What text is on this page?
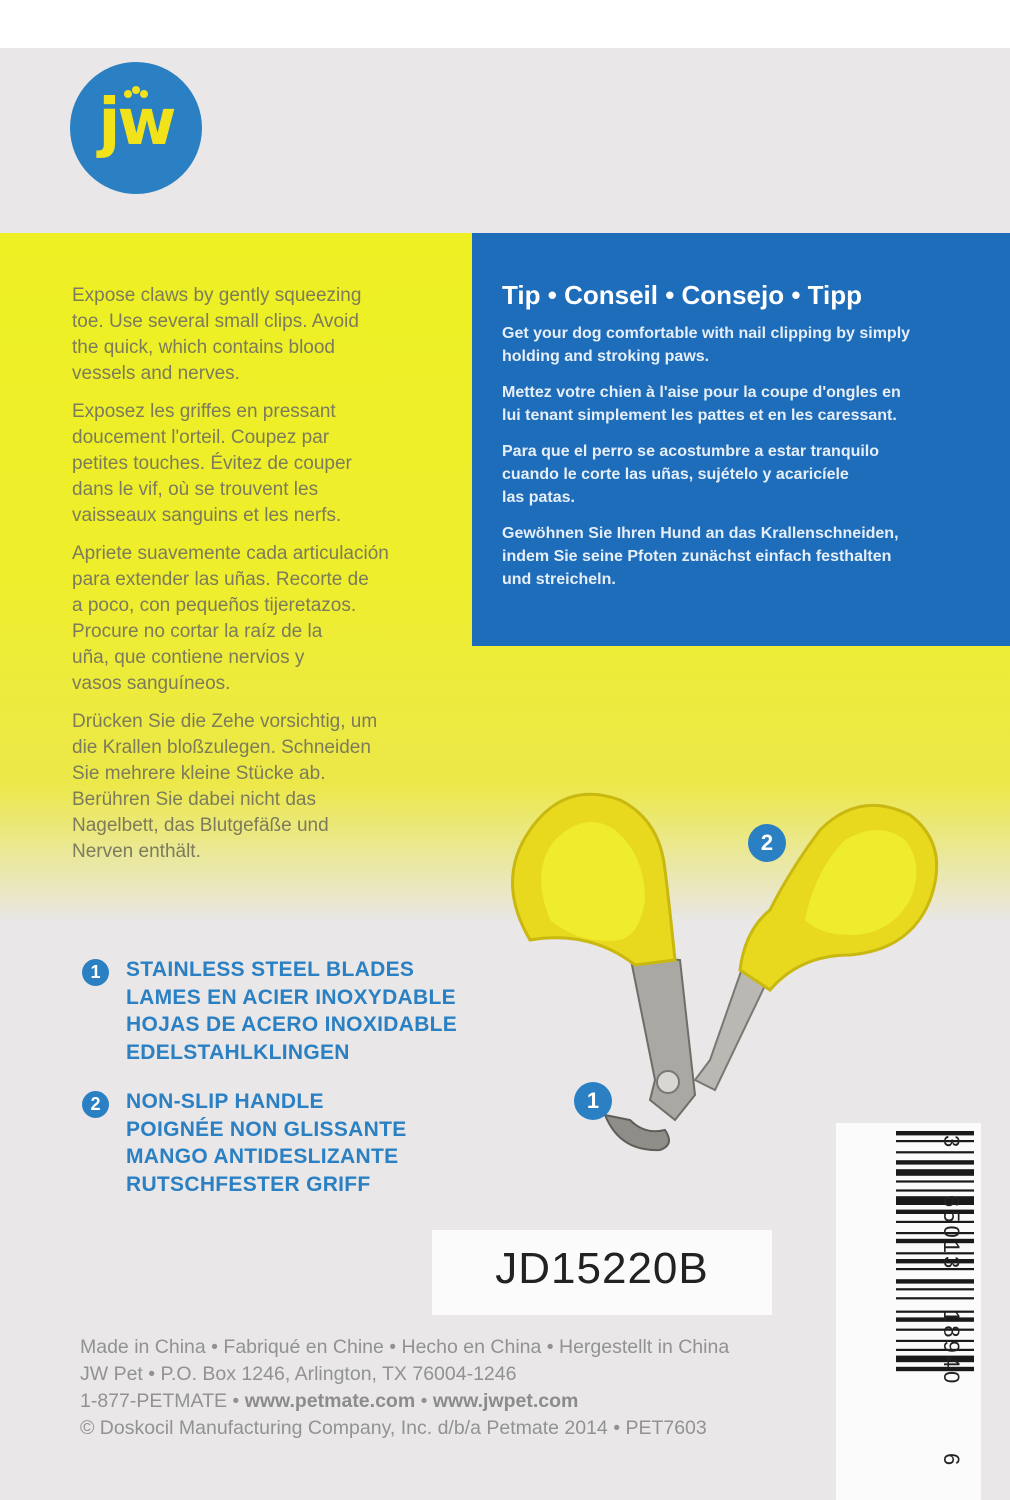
jw

Expose claws by gently squeezing
toe. Use several small clips. Avoid
the quick, which contains blood
vessels and nerves.

Exposez les griffes en pressant
doucement l'orteil. Coupez par
petites touches. Évitez de couper
dans le vif, où se trouvent les
vaisseaux sanguins et les nerfs.

Apriete suavemente cada articulación
para extender las uñas. Recorte de
a poco, con pequeños tijeretazos.
Procure no cortar la raíz de la
uña, que contiene nervios y
vasos sanguíneos.

Drücken Sie die Zehe vorsichtig, um
die Krallen bloßzulegen. Schneiden
Sie mehrere kleine Stücke ab.
Berühren Sie dabei nicht das
Nagelbett, das Blutgefäße und
Nerven enthält.

Tip • Conseil • Consejo • Tipp

Get your dog comfortable with nail clipping by simply
holding and stroking paws.

Mettez votre chien à l'aise pour la coupe d'ongles en
lui tenant simplement les pattes et en les caressant.

Para que el perro se acostumbre a estar tranquilo
cuando le corte las uñas, sujételo y acaricíele
las patas.

Gewöhnen Sie Ihren Hund an das Krallenschneiden,
indem Sie seine Pfoten zunächst einfach festhalten
und streicheln.

1
2
1	STAINLESS STEEL BLADES
LAMES EN ACIER INOXYDABLE
HOJAS DE ACERO INOXIDABLE
EDELSTAHLKLINGEN
2	NON-SLIP HANDLE
POIGNÉE NON GLISSANTE
MANGO ANTIDESLIZANTE
RUTSCHFESTER GRIFF
JD15220B
3
65013
18940
6
Made in China • Fabriqué en Chine • Hecho en China • Hergestellt in China
JW Pet • P.O. Box 1246, Arlington, TX 76004-1246
1-877-PETMATE • www.petmate.com • www.jwpet.com
© Doskocil Manufacturing Company, Inc. d/b/a Petmate 2014 • PET7603
